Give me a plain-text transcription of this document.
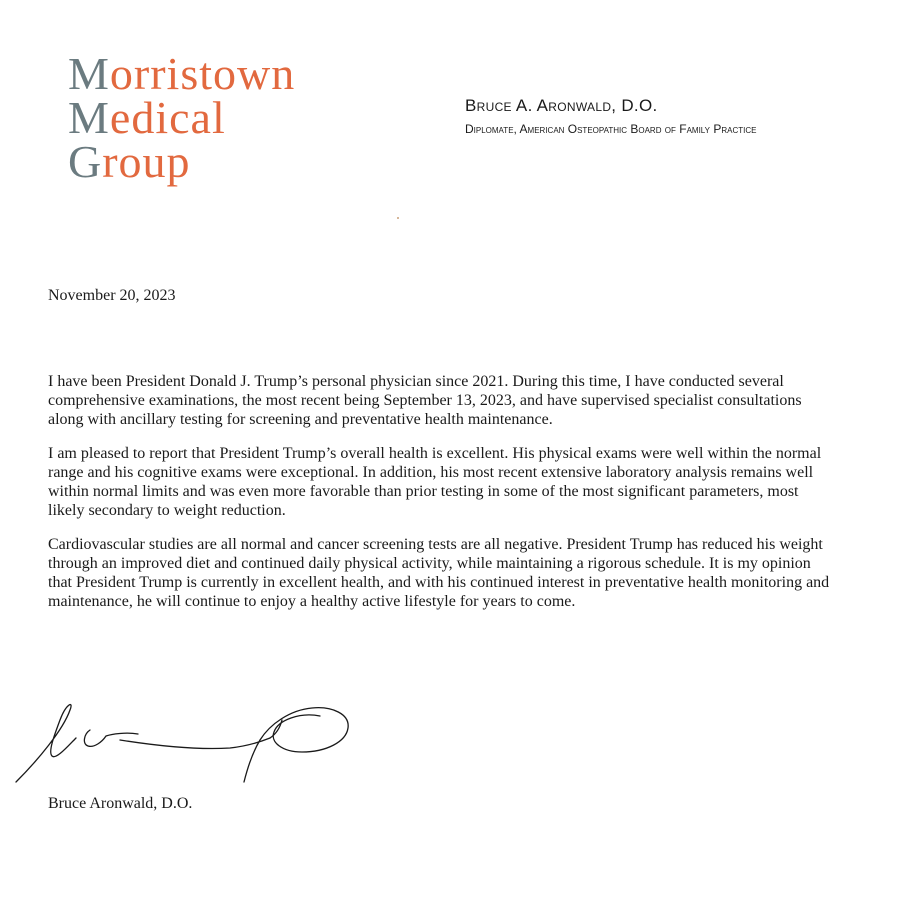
Morristown
Medical
Group
Bruce A. Aronwald, D.O.
Diplomate, American Osteopathic Board of Family Practice
November 20, 2023

I have been President Donald J. Trump’s personal physician since 2021. During this time, I have conducted several comprehensive examinations, the most recent being September 13, 2023, and have supervised specialist consultations along with ancillary testing for screening and preventative health maintenance.

I am pleased to report that President Trump’s overall health is excellent. His physical exams were well within the normal range and his cognitive exams were exceptional. In addition, his most recent extensive laboratory analysis remains well within normal limits and was even more favorable than prior testing in some of the most significant parameters, most likely secondary to weight reduction.

Cardiovascular studies are all normal and cancer screening tests are all negative. President Trump has reduced his weight through an improved diet and continued daily physical activity, while maintaining a rigorous schedule. It is my opinion that President Trump is currently in excellent health, and with his continued interest in preventative health monitoring and maintenance, he will continue to enjoy a healthy active lifestyle for years to come.

Bruce Aronwald, D.O.
